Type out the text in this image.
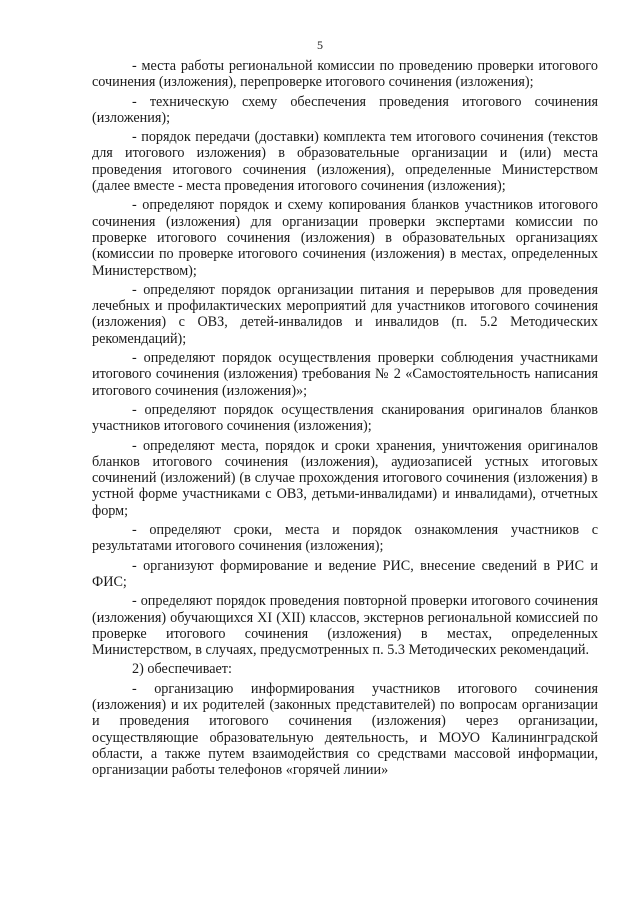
5

- места работы региональной комиссии по проведению проверки итогового сочинения (изложения), перепроверке итогового сочинения (изложения);

- техническую схему обеспечения проведения итогового сочинения (изложения);

- порядок передачи (доставки) комплекта тем итогового сочинения (текстов для итогового изложения) в образовательные организации и (или) места проведения итогового сочинения (изложения), определенные Министерством (далее вместе - места проведения итогового сочинения (изложения);

- определяют порядок и схему копирования бланков участников итогового сочинения (изложения) для организации проверки экспертами комиссии по проверке итогового сочинения (изложения) в образовательных организациях (комиссии по проверке итогового сочинения (изложения) в местах, определенных Министерством);

- определяют порядок организации питания и перерывов для проведения лечебных и профилактических мероприятий для участников итогового сочинения (изложения) с ОВЗ, детей-инвалидов и инвалидов (п. 5.2 Методических рекомендаций);

- определяют порядок осуществления проверки соблюдения участниками итогового сочинения (изложения) требования № 2 «Самостоятельность написания итогового сочинения (изложения)»;

- определяют порядок осуществления сканирования оригиналов бланков участников итогового сочинения (изложения);

- определяют места, порядок и сроки хранения, уничтожения оригиналов бланков итогового сочинения (изложения), аудиозаписей устных итоговых сочинений (изложений) (в случае прохождения итогового сочинения (изложения) в устной форме участниками с ОВЗ, детьми-инвалидами) и инвалидами), отчетных форм;

- определяют сроки, места и порядок ознакомления участников с результатами итогового сочинения (изложения);

- организуют формирование и ведение РИС, внесение сведений в РИС и ФИС;

- определяют порядок проведения повторной проверки итогового сочинения (изложения) обучающихся XI (XII) классов, экстернов региональной комиссией по проверке итогового сочинения (изложения) в местах, определенных Министерством, в случаях, предусмотренных п. 5.3 Методических рекомендаций.

2) обеспечивает:

- организацию информирования участников итогового сочинения (изложения) и их родителей (законных представителей) по вопросам организации и проведения итогового сочинения (изложения) через организации, осуществляющие образовательную деятельность, и МОУО Калининградской области, а также путем взаимодействия со средствами массовой информации, организации работы телефонов «горячей линии»
